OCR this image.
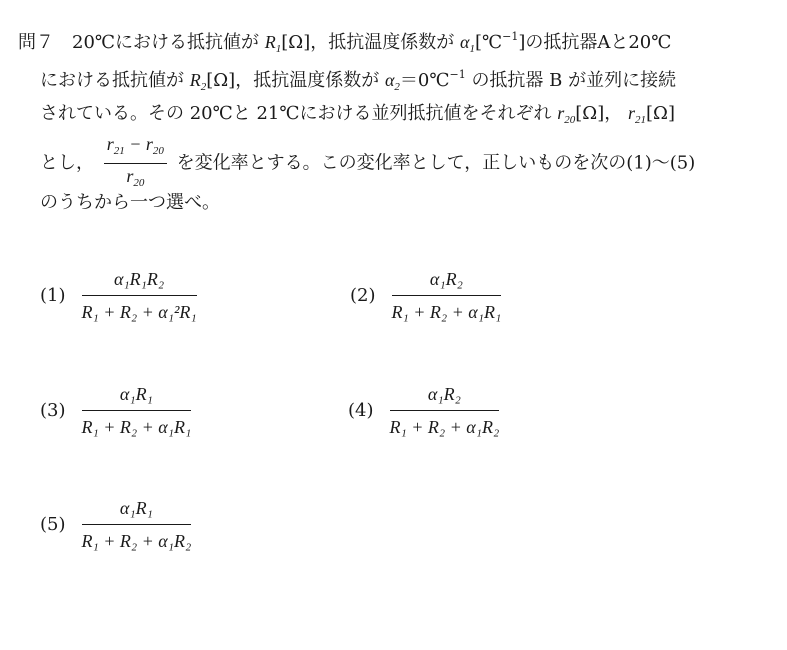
問７ 20℃における抵抗値が $R_1[\Omega]$，抵抗温度係数が $\alpha_1[℃^{-1}]$の抵抗器Aと20℃
における抵抗値が $R_2[\Omega]$，抵抗温度係数が $\alpha_2=0℃^{-1}$ の抵抗器 B が並列に接続
されている。その 20℃と 21℃における並列抵抗値をそれぞれ $r_{20}[\Omega]$， $r_{21}[\Omega]$
とし， $\frac{r_{21} - r_{20}}{r_{20}}$ を変化率とする。この変化率として，正しいものを次の(1)～(5)
のうちから一つ選べ。
$(1) \frac{\text{α₁R₁R₂}}{\text{R₁ + R₂ + α₁²R₁}}$	$(2) \frac{\text{α₁R₂}}{\text{R₁ + R₂ + α₁R₁}}$
$(3) \frac{\text{α₁R₁}}{\text{R₁ + R₂ + α₁R₁}}$	$(4) \frac{\text{α₁R₂}}{\text{R₁ + R₂ + α₁R₂}}$
$(5) \frac{\text{α₁R₁}}{\text{R₁ + R₂ + α₁R₂}}$
